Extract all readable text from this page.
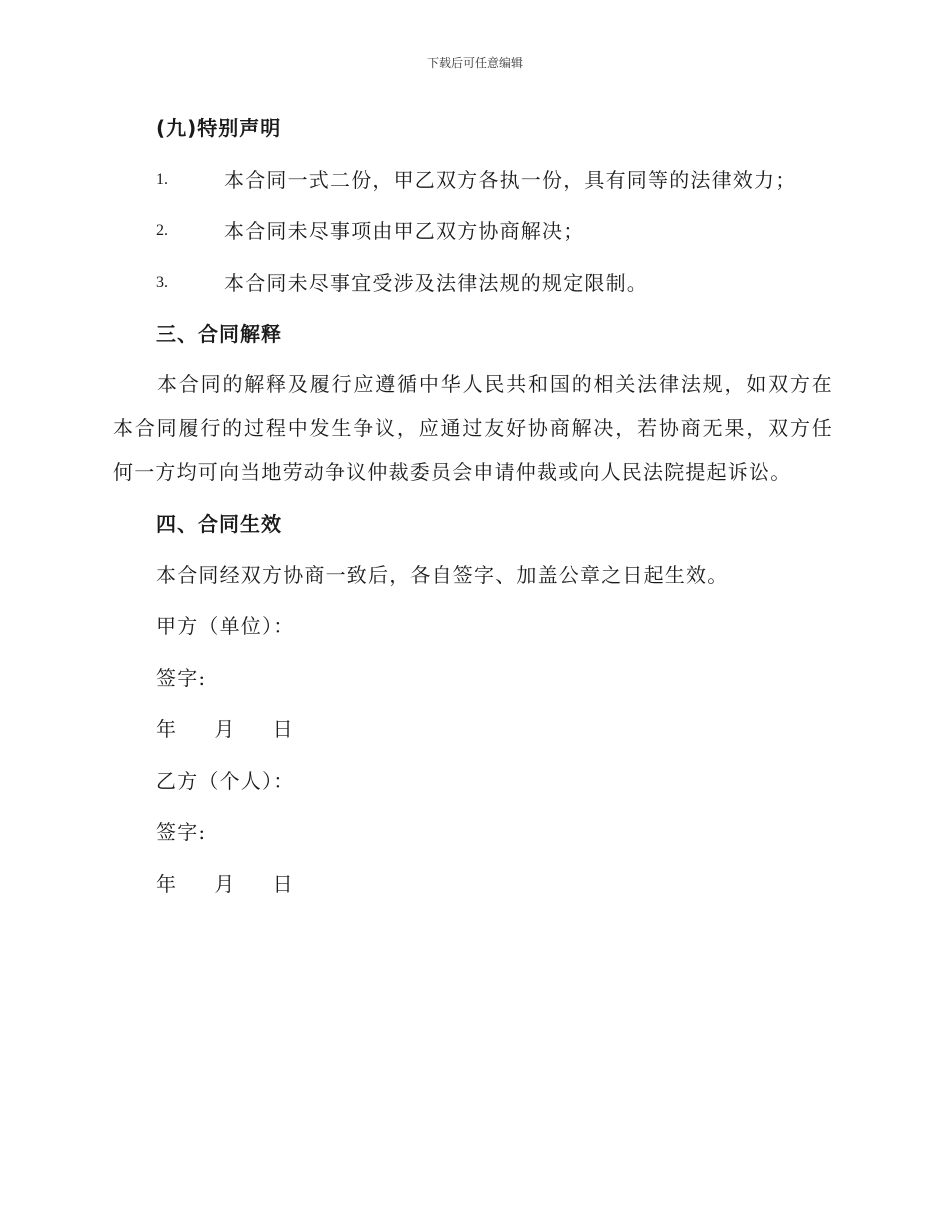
下载后可任意编辑
(九)特别声明
1.	本合同一式二份，甲乙双方各执一份，具有同等的法律效力；
2.	本合同未尽事项由甲乙双方协商解决；
3.	本合同未尽事宜受涉及法律法规的规定限制。
三、合同解释
本合同的解释及履行应遵循中华人民共和国的相关法律法规，如双方在本合同履行的过程中发生争议，应通过友好协商解决，若协商无果，双方任何一方均可向当地劳动争议仲裁委员会申请仲裁或向人民法院提起诉讼。
四、合同生效
本合同经双方协商一致后，各自签字、加盖公章之日起生效。
甲方（单位）：
签字:
年 月 日
乙方（个人）：
签字:
年 月 日
